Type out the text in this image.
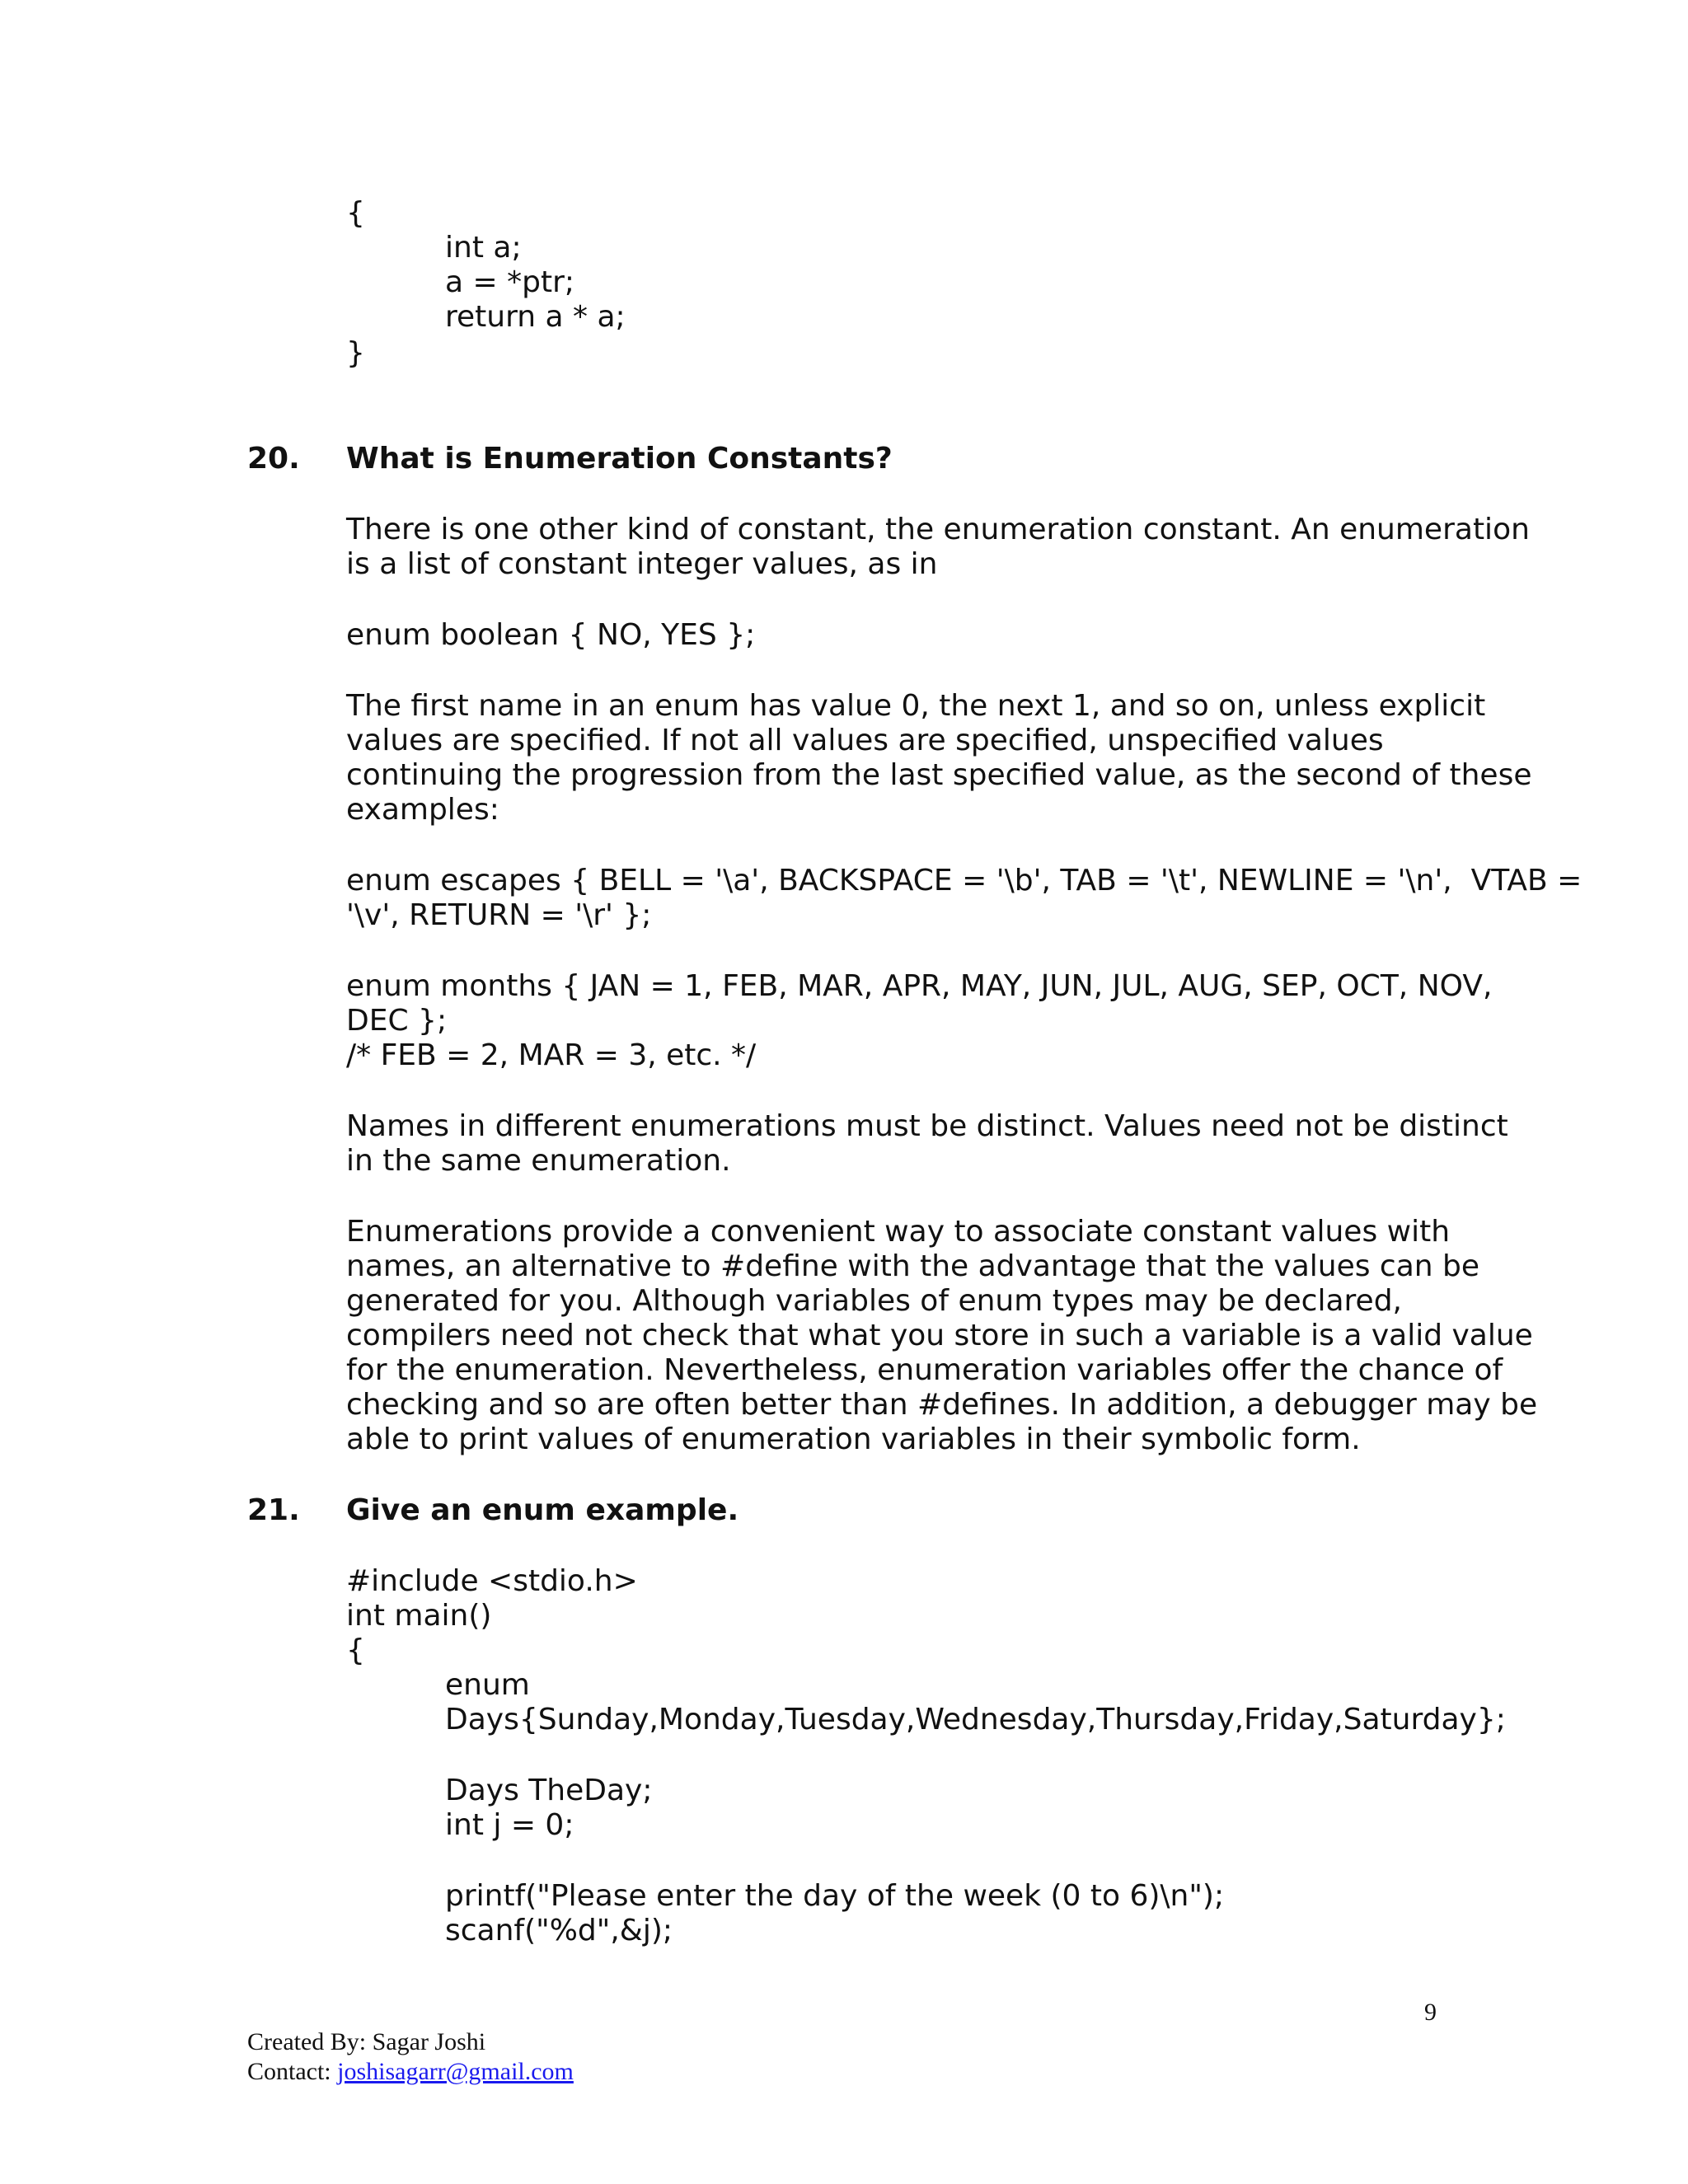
{
int a;
a = *ptr;
return a * a;
}
20. What is Enumeration Constants?
There is one other kind of constant, the enumeration constant. An enumeration
is a list of constant integer values, as in
enum boolean { NO, YES };
The first name in an enum has value 0, the next 1, and so on, unless explicit
values are specified. If not all values are specified, unspecified values
continuing the progression from the last specified value, as the second of these
examples:
enum escapes { BELL = '\a', BACKSPACE = '\b', TAB = '\t', NEWLINE = '\n',  VTAB =
'\v', RETURN = '\r' };
enum months { JAN = 1, FEB, MAR, APR, MAY, JUN, JUL, AUG, SEP, OCT, NOV,
DEC };
/* FEB = 2, MAR = 3, etc. */
Names in different enumerations must be distinct. Values need not be distinct
in the same enumeration.
Enumerations provide a convenient way to associate constant values with
names, an alternative to #define with the advantage that the values can be
generated for you. Although variables of enum types may be declared,
compilers need not check that what you store in such a variable is a valid value
for the enumeration. Nevertheless, enumeration variables offer the chance of
checking and so are often better than #defines. In addition, a debugger may be
able to print values of enumeration variables in their symbolic form.
21. Give an enum example.
#include <stdio.h>
int main()
{
enum
Days{Sunday,Monday,Tuesday,Wednesday,Thursday,Friday,Saturday};
Days TheDay;
int j = 0;
printf("Please enter the day of the week (0 to 6)\n");
scanf("%d",&j);
9
Created By: Sagar Joshi
Contact: joshisagarr@gmail.com
